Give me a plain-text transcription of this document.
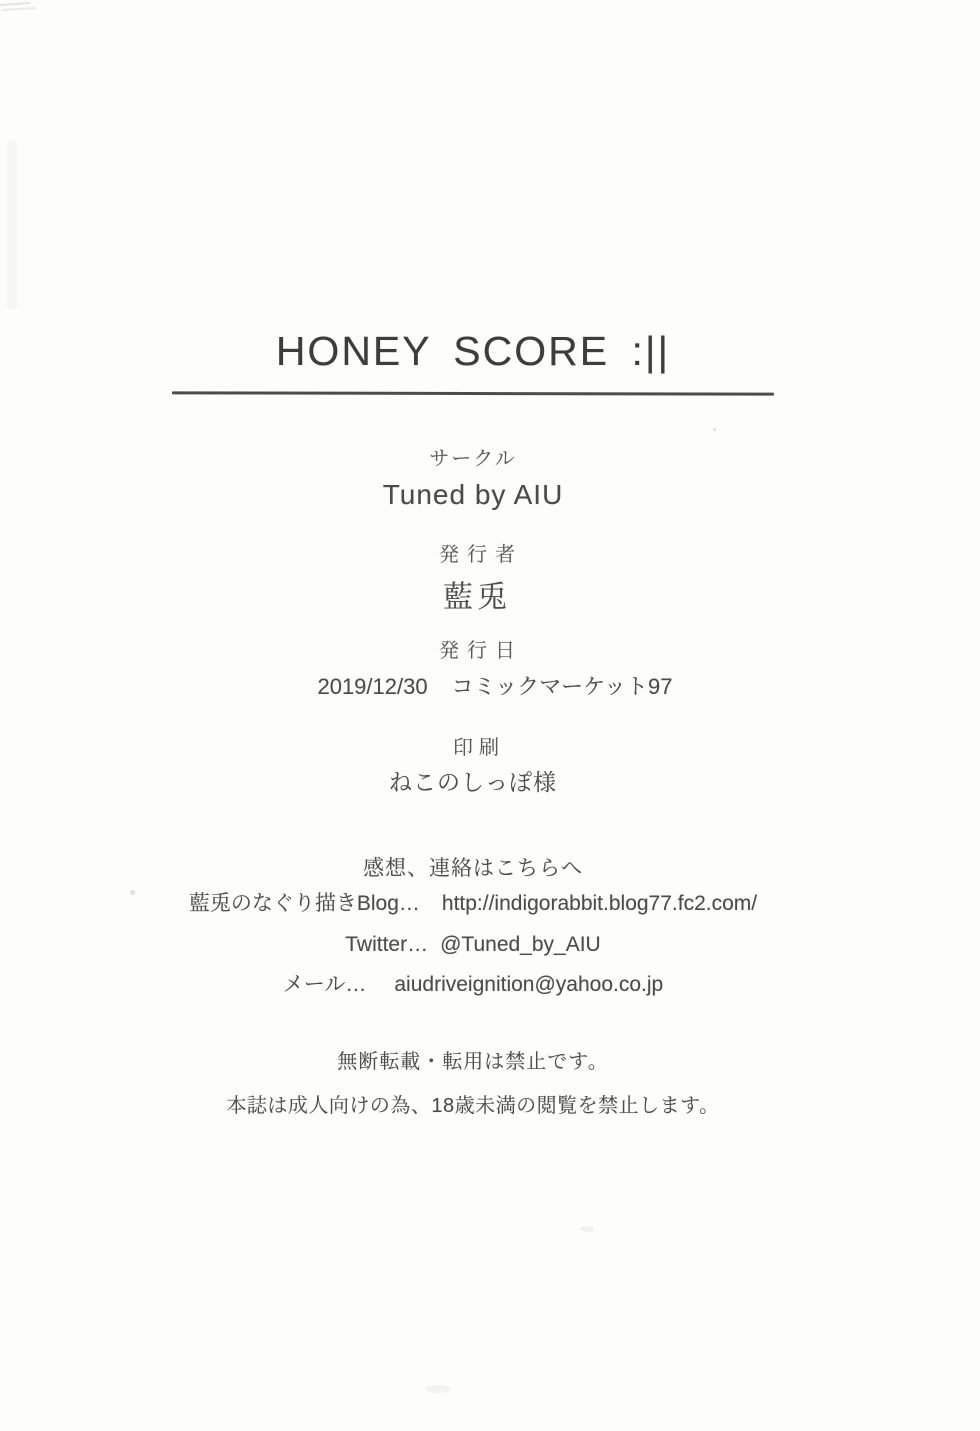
HONEY SCORE :||
サークル
Tuned by AIU
発行者
藍兎
発行日
2019/12/30 コミックマーケット97
印刷
ねこのしっぽ様
感想、連絡はこちらへ
藍兎のなぐり描きBlog… http://indigorabbit.blog77.fc2.com/
Twitter… @Tuned_by_AIU
メール… aiudriveignition@yahoo.co.jp
無断転載・転用は禁止です。
本誌は成人向けの為、18歳未満の閲覧を禁止します。
